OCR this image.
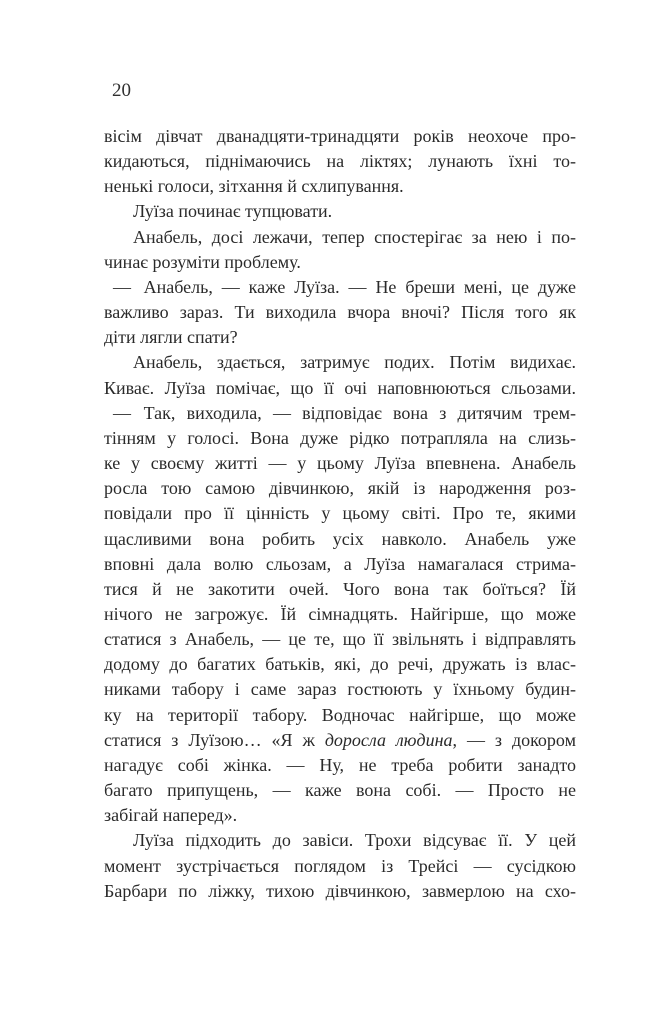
20
вісім дівчат дванадцяти-тринадцяти років неохоче про-
кидаються, піднімаючись на ліктях; лунають їхні то-
ненькі голоси, зітхання й схлипування.
Луїза починає тупцювати.
Анабель, досі лежачи, тепер спостерігає за нею і по-
чинає розуміти проблему.
—  Анабель, — каже Луїза. — Не бреши мені, це дуже
важливо зараз. Ти виходила вчора вночі? Після того як
діти лягли спати?
Анабель, здається, затримує подих. Потім видихає.
Киває. Луїза помічає, що її очі наповнюються сльозами.
—  Так, виходила, — відповідає вона з дитячим трем-
тінням у голосі. Вона дуже рідко потрапляла на слизь-
ке у своєму житті — у цьому Луїза впевнена. Анабель
росла тою самою дівчинкою, якій із народження роз-
повідали про її цінність у цьому світі. Про те, якими
щасливими вона робить усіх навколо. Анабель уже
вповні дала волю сльозам, а Луїза намагалася стрима-
тися й не закотити очей. Чого вона так боїться? Їй
нічого не загрожує. Їй сімнадцять. Найгірше, що може
статися з Анабель, — це те, що її звільнять і відправлять
додому до багатих батьків, які, до речі, дружать із влас-
никами табору і саме зараз гостюють у їхньому будин-
ку на території табору. Водночас найгірше, що може
статися з Луїзою… «Я ж доросла людина, — з докором
нагадує собі жінка. — Ну, не треба робити занадто
багато припущень, — каже вона собі. — Просто не
забігай наперед».
Луїза підходить до завіси. Трохи відсуває її. У цей
момент зустрічається поглядом із Трейсі — сусідкою
Барбари по ліжку, тихою дівчинкою, завмерлою на схо-
